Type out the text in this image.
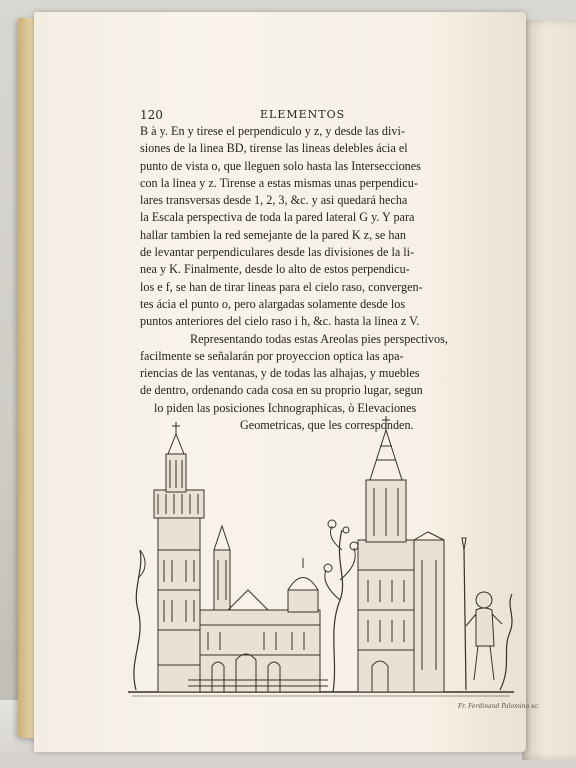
120	ELEMENTOS
B à y. En y tirese el perpendiculo y z, y desde las divi-
siones de la linea BD, tirense las lineas delebles ácia el
punto de vista o, que lleguen solo hasta las Intersecciones
con la linea y z. Tirense a estas mismas unas perpendicu-
lares transversas desde 1, 2, 3, &c. y asi quedará hecha
la Escala perspectiva de toda la pared lateral G y. Y para
hallar tambien la red semejante de la pared K z, se han
de levantar perpendiculares desde las divisiones de la li-
nea y K. Finalmente, desde lo alto de estos perpendicu-
los e f, se han de tirar lineas para el cielo raso, convergen-
tes ácia el punto o, pero alargadas solamente desde los
puntos anteriores del cielo raso i h, &c. hasta la linea z V.
Representando todas estas Areolas pies perspectivos,
facilmente se señalarán por proyeccion optica las apa-
riencias de las ventanas, y de todas las alhajas, y muebles
de dentro, ordenando cada cosa en su proprio lugar, segun
lo piden las posiciones Ichnographicas, ò Elevaciones
Geometricas, que les corresponden.
Fr. Ferdinand Palomino sc.
